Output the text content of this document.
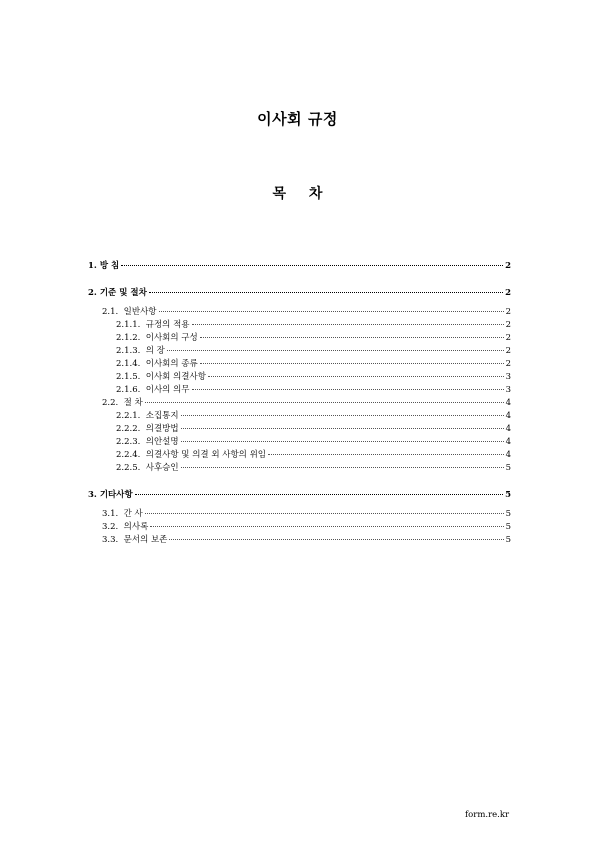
이사회 규정
목 차
1. 방 침	2
2. 기준 및 절차	2
2.1. 일반사항	2
2.1.1. 규정의 적용	2
2.1.2. 이사회의 구성	2
2.1.3. 의 장	2
2.1.4. 이사회의 종류	2
2.1.5. 이사회 의결사항	3
2.1.6. 이사의 의무	3
2.2. 절 차	4
2.2.1. 소집통지	4
2.2.2. 의결방법	4
2.2.3. 의안설명	4
2.2.4. 의결사항 및 의결 외 사항의 위임	4
2.2.5. 사후승인	5
3. 기타사항	5
3.1. 간 사	5
3.2. 의사록	5
3.3. 문서의 보존	5
form.re.kr
